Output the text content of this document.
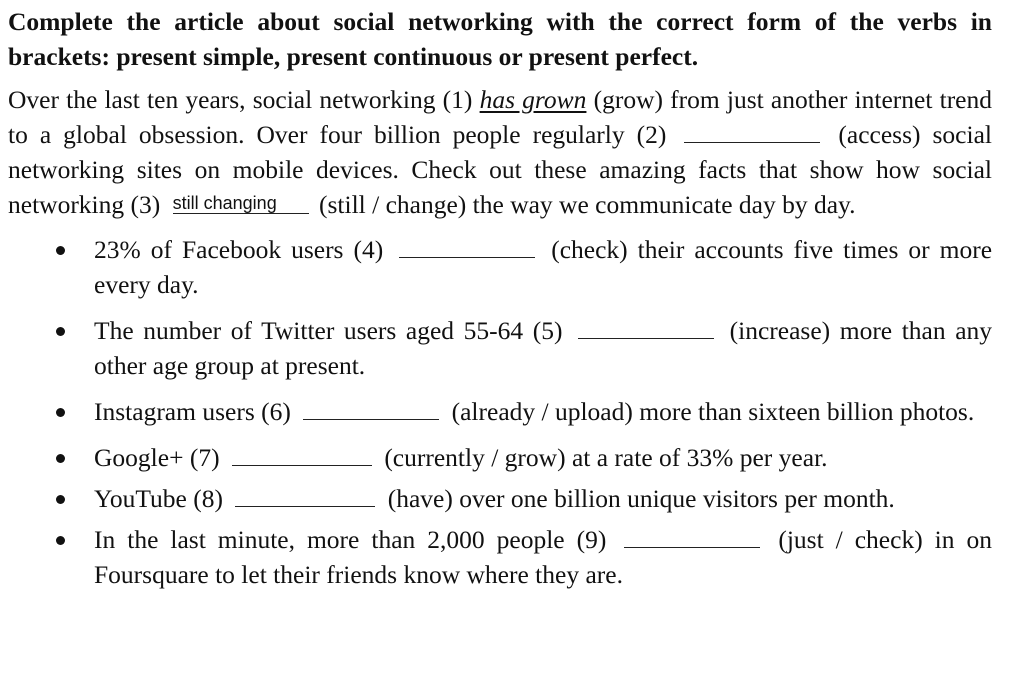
Complete the article about social networking with the correct form of the verbs in brackets: present simple, present continuous or present perfect.

Over the last ten years, social networking (1) has grown (grow) from just another internet trend to a global obsession. Over four billion people regularly (2)	(access) social networking sites on mobile devices. Check out these amazing facts that show how social networking (3) still changing (still / change) the way we communicate day by day.

23% of Facebook users (4)	(check) their accounts five times or more every day.
The number of Twitter users aged 55-64 (5)	(increase) more than any other age group at present.
Instagram users (6)	(already / upload) more than sixteen billion photos.
Google+ (7)	(currently / grow) at a rate of 33% per year.
YouTube (8)	(have) over one billion unique visitors per month.
In the last minute, more than 2,000 people (9)	(just / check) in on Foursquare to let their friends know where they are.
